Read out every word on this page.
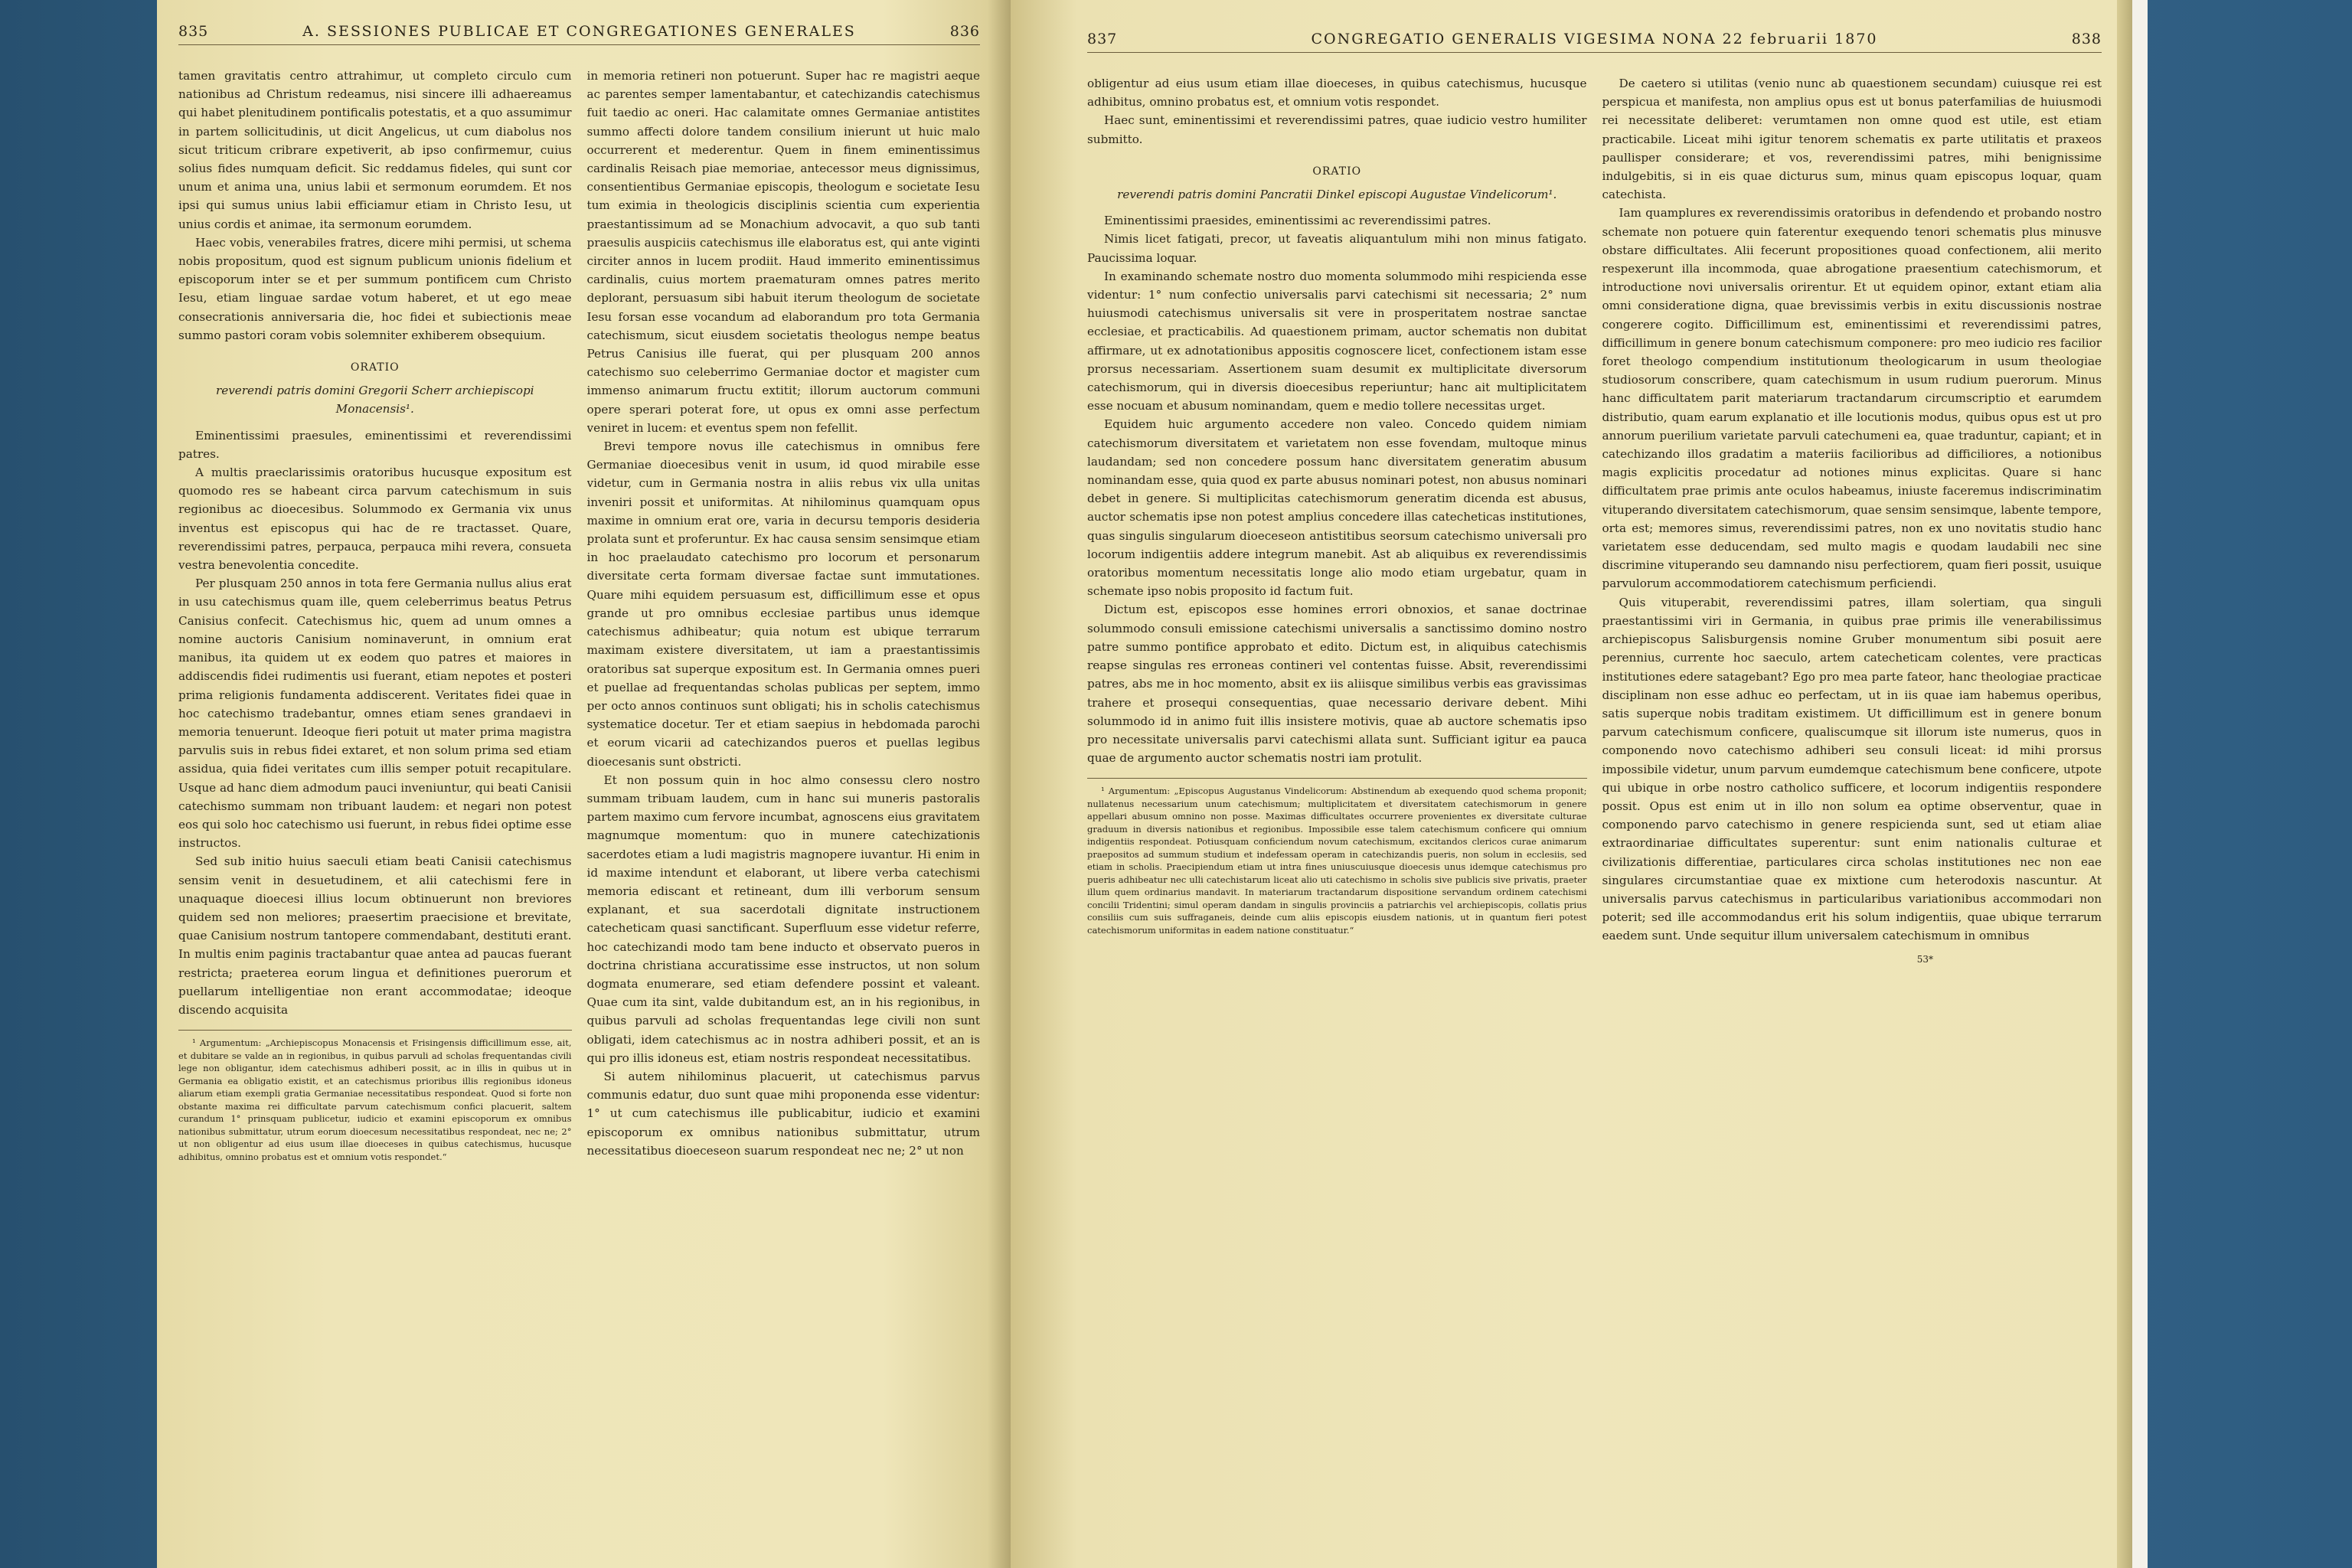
835	A. SESSIONES PUBLICAE ET CONGREGATIONES GENERALES	836

tamen gravitatis centro attrahimur, ut completo circulo cum nationibus ad Christum redeamus, nisi sincere illi adhaereamus qui habet plenitudinem pontificalis potestatis, et a quo assumimur in partem sollicitudinis, ut dicit Angelicus, ut cum diabolus nos sicut triticum cribrare expetiverit, ab ipso confirmemur, cuius solius fides numquam deficit. Sic reddamus fideles, qui sunt cor unum et anima una, unius labii et sermonum eorumdem. Et nos ipsi qui sumus unius labii efficiamur etiam in Christo Iesu, ut unius cordis et animae, ita sermonum eorumdem.

Haec vobis, venerabiles fratres, dicere mihi permisi, ut schema nobis propositum, quod est signum publicum unionis fidelium et episcoporum inter se et per summum pontificem cum Christo Iesu, etiam linguae sardae votum haberet, et ut ego meae consecrationis anniversaria die, hoc fidei et subiectionis meae summo pastori coram vobis solemniter exhiberem obsequium.

ORATIO
reverendi patris domini Gregorii Scherr archiepiscopi Monacensis¹.

Eminentissimi praesules, eminentissimi et reverendissimi patres.

A multis praeclarissimis oratoribus hucusque expositum est quomodo res se habeant circa parvum catechismum in suis regionibus ac dioecesibus. Solummodo ex Germania vix unus inventus est episcopus qui hac de re tractasset. Quare, reverendissimi patres, perpauca, perpauca mihi revera, consueta vestra benevolentia concedite.

Per plusquam 250 annos in tota fere Germania nullus alius erat in usu catechismus quam ille, quem celeberrimus beatus Petrus Canisius confecit. Catechismus hic, quem ad unum omnes a nomine auctoris Canisium nominaverunt, in omnium erat manibus, ita quidem ut ex eodem quo patres et maiores in addiscendis fidei rudimentis usi fuerant, etiam nepotes et posteri prima religionis fundamenta addiscerent. Veritates fidei quae in hoc catechismo tradebantur, omnes etiam senes grandaevi in memoria tenuerunt. Ideoque fieri potuit ut mater prima magistra parvulis suis in rebus fidei extaret, et non solum prima sed etiam assidua, quia fidei veritates cum illis semper potuit recapitulare. Usque ad hanc diem admodum pauci inveniuntur, qui beati Canisii catechismo summam non tribuant laudem: et negari non potest eos qui solo hoc catechismo usi fuerunt, in rebus fidei optime esse instructos.

Sed sub initio huius saeculi etiam beati Canisii catechismus sensim venit in desuetudinem, et alii catechismi fere in unaquaque dioecesi illius locum obtinuerunt non breviores quidem sed non meliores; praesertim praecisione et brevitate, quae Canisium nostrum tantopere commendabant, destituti erant. In multis enim paginis tractabantur quae antea ad paucas fuerant restricta; praeterea eorum lingua et definitiones puerorum et puellarum intelligentiae non erant accommodatae; ideoque discendo acquisita

¹ Argumentum: „Archiepiscopus Monacensis et Frisingensis difficillimum esse, ait, et dubitare se valde an in regionibus, in quibus parvuli ad scholas frequentandas civili lege non obligantur, idem catechismus adhiberi possit, ac in illis in quibus ut in Germania ea obligatio existit, et an catechismus prioribus illis regionibus idoneus aliarum etiam exempli gratia Germaniae necessitatibus respondeat. Quod si forte non obstante maxima rei difficultate parvum catechismum confici placuerit, saltem curandum 1° prinsquam publicetur, iudicio et examini episcoporum ex omnibus nationibus submittatur, utrum eorum dioecesum necessitatibus respondeat, nec ne; 2° ut non obligentur ad eius usum illae dioeceses in quibus catechismus, hucusque adhibitus, omnino probatus est et omnium votis respondet.“

in memoria retineri non potuerunt. Super hac re magistri aeque ac parentes semper lamentabantur, et catechizandis catechismus fuit taedio ac oneri. Hac calamitate omnes Germaniae antistites summo affecti dolore tandem consilium inierunt ut huic malo occurrerent et mederentur. Quem in finem eminentissimus cardinalis Reisach piae memoriae, antecessor meus dignissimus, consentientibus Germaniae episcopis, theologum e societate Iesu tum eximia in theologicis disciplinis scientia cum experientia praestantissimum ad se Monachium advocavit, a quo sub tanti praesulis auspiciis catechismus ille elaboratus est, qui ante viginti circiter annos in lucem prodiit. Haud immerito eminentissimus cardinalis, cuius mortem praematuram omnes patres merito deplorant, persuasum sibi habuit iterum theologum de societate Iesu forsan esse vocandum ad elaborandum pro tota Germania catechismum, sicut eiusdem societatis theologus nempe beatus Petrus Canisius ille fuerat, qui per plusquam 200 annos catechismo suo celeberrimo Germaniae doctor et magister cum immenso animarum fructu extitit; illorum auctorum communi opere sperari poterat fore, ut opus ex omni asse perfectum veniret in lucem: et eventus spem non fefellit.

Brevi tempore novus ille catechismus in omnibus fere Germaniae dioecesibus venit in usum, id quod mirabile esse videtur, cum in Germania nostra in aliis rebus vix ulla unitas inveniri possit et uniformitas. At nihilominus quamquam opus maxime in omnium erat ore, varia in decursu temporis desideria prolata sunt et proferuntur. Ex hac causa sensim sensimque etiam in hoc praelaudato catechismo pro locorum et personarum diversitate certa formam diversae factae sunt immutationes. Quare mihi equidem persuasum est, difficillimum esse et opus grande ut pro omnibus ecclesiae partibus unus idemque catechismus adhibeatur; quia notum est ubique terrarum maximam existere diversitatem, ut iam a praestantissimis oratoribus sat superque expositum est. In Germania omnes pueri et puellae ad frequentandas scholas publicas per septem, immo per octo annos continuos sunt obligati; his in scholis catechismus systematice docetur. Ter et etiam saepius in hebdomada parochi et eorum vicarii ad catechizandos pueros et puellas legibus dioecesanis sunt obstricti.

Et non possum quin in hoc almo consessu clero nostro summam tribuam laudem, cum in hanc sui muneris pastoralis partem maximo cum fervore incumbat, agnoscens eius gravitatem magnumque momentum: quo in munere catechizationis sacerdotes etiam a ludi magistris magnopere iuvantur. Hi enim in id maxime intendunt et elaborant, ut libere verba catechismi memoria ediscant et retineant, dum illi verborum sensum explanant, et sua sacerdotali dignitate instructionem catecheticam quasi sanctificant. Superfluum esse videtur referre, hoc catechizandi modo tam bene inducto et observato pueros in doctrina christiana accuratissime esse instructos, ut non solum dogmata enumerare, sed etiam defendere possint et valeant. Quae cum ita sint, valde dubitandum est, an in his regionibus, in quibus parvuli ad scholas frequentandas lege civili non sunt obligati, idem catechismus ac in nostra adhiberi possit, et an is qui pro illis idoneus est, etiam nostris respondeat necessitatibus.

Si autem nihilominus placuerit, ut catechismus parvus communis edatur, duo sunt quae mihi proponenda esse videntur: 1° ut cum catechismus ille publicabitur, iudicio et examini episcoporum ex omnibus nationibus submittatur, utrum necessitatibus dioeceseon suarum respondeat nec ne; 2° ut non

837	CONGREGATIO GENERALIS VIGESIMA NONA 22 februarii 1870	838

obligentur ad eius usum etiam illae dioeceses, in quibus catechismus, hucusque adhibitus, omnino probatus est, et omnium votis respondet.

Haec sunt, eminentissimi et reverendissimi patres, quae iudicio vestro humiliter submitto.

ORATIO
reverendi patris domini Pancratii Dinkel episcopi Augustae Vindelicorum¹.

Eminentissimi praesides, eminentissimi ac reverendissimi patres.

Nimis licet fatigati, precor, ut faveatis aliquantulum mihi non minus fatigato. Paucissima loquar.

In examinando schemate nostro duo momenta solummodo mihi respicienda esse videntur: 1° num confectio universalis parvi catechismi sit necessaria; 2° num huiusmodi catechismus universalis sit vere in prosperitatem nostrae sanctae ecclesiae, et practicabilis. Ad quaestionem primam, auctor schematis non dubitat affirmare, ut ex adnotationibus appositis cognoscere licet, confectionem istam esse prorsus necessariam. Assertionem suam desumit ex multiplicitate diversorum catechismorum, qui in diversis dioecesibus reperiuntur; hanc ait multiplicitatem esse nocuam et abusum nominandam, quem e medio tollere necessitas urget.

Equidem huic argumento accedere non valeo. Concedo quidem nimiam catechismorum diversitatem et varietatem non esse fovendam, multoque minus laudandam; sed non concedere possum hanc diversitatem generatim abusum nominandam esse, quia quod ex parte abusus nominari potest, non abusus nominari debet in genere. Si multiplicitas catechismorum generatim dicenda est abusus, auctor schematis ipse non potest amplius concedere illas catecheticas institutiones, quas singulis singularum dioeceseon antistitibus seorsum catechismo universali pro locorum indigentiis addere integrum manebit. Ast ab aliquibus ex reverendissimis oratoribus momentum necessitatis longe alio modo etiam urgebatur, quam in schemate ipso nobis proposito id factum fuit.

Dictum est, episcopos esse homines errori obnoxios, et sanae doctrinae solummodo consuli emissione catechismi universalis a sanctissimo domino nostro patre summo pontifice approbato et edito. Dictum est, in aliquibus catechismis reapse singulas res erroneas contineri vel contentas fuisse. Absit, reverendissimi patres, abs me in hoc momento, absit ex iis aliisque similibus verbis eas gravissimas trahere et prosequi consequentias, quae necessario derivare debent. Mihi solummodo id in animo fuit illis insistere motivis, quae ab auctore schematis ipso pro necessitate universalis parvi catechismi allata sunt. Sufficiant igitur ea pauca quae de argumento auctor schematis nostri iam protulit.

¹ Argumentum: „Episcopus Augustanus Vindelicorum: Abstinendum ab exequendo quod schema proponit; nullatenus necessarium unum catechismum; multiplicitatem et diversitatem catechismorum in genere appellari abusum omnino non posse. Maximas difficultates occurrere provenientes ex diversitate culturae graduum in diversis nationibus et regionibus. Impossibile esse talem catechismum conficere qui omnium indigentiis respondeat. Potiusquam conficiendum novum catechismum, excitandos clericos curae animarum praepositos ad summum studium et indefessam operam in catechizandis pueris, non solum in ecclesiis, sed etiam in scholis. Praecipiendum etiam ut intra fines uniuscuiusque dioecesis unus idemque catechismus pro pueris adhibeatur nec ulli catechistarum liceat alio uti catechismo in scholis sive publicis sive privatis, praeter illum quem ordinarius mandavit. In materiarum tractandarum dispositione servandum ordinem catechismi concilii Tridentini; simul operam dandam in singulis provinciis a patriarchis vel archiepiscopis, collatis prius consiliis cum suis suffraganeis, deinde cum aliis episcopis eiusdem nationis, ut in quantum fieri potest catechismorum uniformitas in eadem natione constituatur.“

De caetero si utilitas (venio nunc ab quaestionem secundam) cuiusque rei est perspicua et manifesta, non amplius opus est ut bonus paterfamilias de huiusmodi rei necessitate deliberet: verumtamen non omne quod est utile, est etiam practicabile. Liceat mihi igitur tenorem schematis ex parte utilitatis et praxeos paullisper considerare; et vos, reverendissimi patres, mihi benignissime indulgebitis, si in eis quae dicturus sum, minus quam episcopus loquar, quam catechista.

Iam quamplures ex reverendissimis oratoribus in defendendo et probando nostro schemate non potuere quin faterentur exequendo tenori schematis plus minusve obstare difficultates. Alii fecerunt propositiones quoad confectionem, alii merito respexerunt illa incommoda, quae abrogatione praesentium catechismorum, et introductione novi universalis orirentur. Et ut equidem opinor, extant etiam alia omni consideratione digna, quae brevissimis verbis in exitu discussionis nostrae congerere cogito. Difficillimum est, eminentissimi et reverendissimi patres, difficillimum in genere bonum catechismum componere: pro meo iudicio res facilior foret theologo compendium institutionum theologicarum in usum theologiae studiosorum conscribere, quam catechismum in usum rudium puerorum. Minus hanc difficultatem parit materiarum tractandarum circumscriptio et earumdem distributio, quam earum explanatio et ille locutionis modus, quibus opus est ut pro annorum puerilium varietate parvuli catechumeni ea, quae traduntur, capiant; et in catechizando illos gradatim a materiis facilioribus ad difficiliores, a notionibus magis explicitis procedatur ad notiones minus explicitas. Quare si hanc difficultatem prae primis ante oculos habeamus, iniuste faceremus indiscriminatim vituperando diversitatem catechismorum, quae sensim sensimque, labente tempore, orta est; memores simus, reverendissimi patres, non ex uno novitatis studio hanc varietatem esse deducendam, sed multo magis e quodam laudabili nec sine discrimine vituperando seu damnando nisu perfectiorem, quam fieri possit, usuique parvulorum accommodatiorem catechismum perficiendi.

Quis vituperabit, reverendissimi patres, illam solertiam, qua singuli praestantissimi viri in Germania, in quibus prae primis ille venerabilissimus archiepiscopus Salisburgensis nomine Gruber monumentum sibi posuit aere perennius, currente hoc saeculo, artem catecheticam colentes, vere practicas institutiones edere satagebant? Ego pro mea parte fateor, hanc theologiae practicae disciplinam non esse adhuc eo perfectam, ut in iis quae iam habemus operibus, satis superque nobis traditam existimem. Ut difficillimum est in genere bonum parvum catechismum conficere, qualiscumque sit illorum iste numerus, quos in componendo novo catechismo adhiberi seu consuli liceat: id mihi prorsus impossibile videtur, unum parvum eumdemque catechismum bene conficere, utpote qui ubique in orbe nostro catholico sufficere, et locorum indigentiis respondere possit. Opus est enim ut in illo non solum ea optime observentur, quae in componendo parvo catechismo in genere respicienda sunt, sed ut etiam aliae extraordinariae difficultates superentur: sunt enim nationalis culturae et civilizationis differentiae, particulares circa scholas institutiones nec non eae singulares circumstantiae quae ex mixtione cum heterodoxis nascuntur. At universalis parvus catechismus in particularibus variationibus accommodari non poterit; sed ille accommodandus erit his solum indigentiis, quae ubique terrarum eaedem sunt. Unde sequitur illum universalem catechismum in omnibus

53*
